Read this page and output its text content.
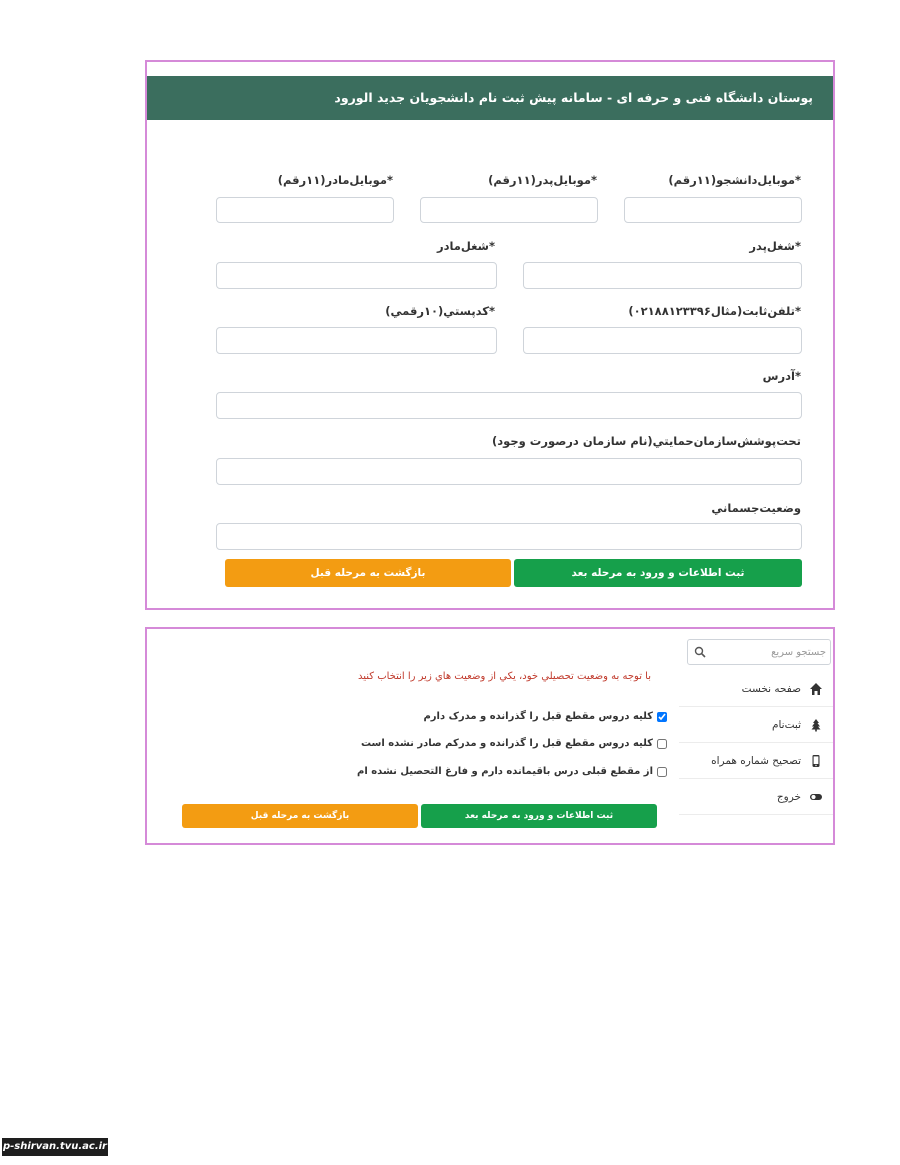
پوستان دانشگاه فنی و حرفه ای - سامانه پیش ثبت نام دانشجویان جدید الورود
*موبایل‌دانشجو(۱۱رقم)
*موبایل‌پدر(۱۱رقم)
*موبایل‌مادر(۱۱رقم)
*شغل‌پدر
*شغل‌مادر
*تلفن‌ثابت(مثال۰۲۱۸۸۱۲۳۳۹۶)
*کدپستي(۱۰رقمي)
*آدرس
تحت‌پوشش‌سازمان‌حمايتي(نام سازمان درصورت وجود)
وضعيت‌جسماني
ثبت اطلاعات و ورود به مرحله بعد
بازگشت به مرحله قبل
جستجو سریع
صفحه نخست
ثبت‌نام
تصحیح شماره همراه
خروج
با توجه به وضعيت تحصيلي خود، يكي از وضعيت هاي زير را انتخاب كنيد
كليه دروس مقطع قبل را گذرانده و مدرک دارم
كليه دروس مقطع قبل را گذرانده و مدركم صادر نشده است
از مقطع قبلی درس باقیمانده دارم و فارغ التحصیل نشده ام
ثبت اطلاعات و ورود به مرحله بعد
بازگشت به مرحله قبل
p-shirvan.tvu.ac.ir
